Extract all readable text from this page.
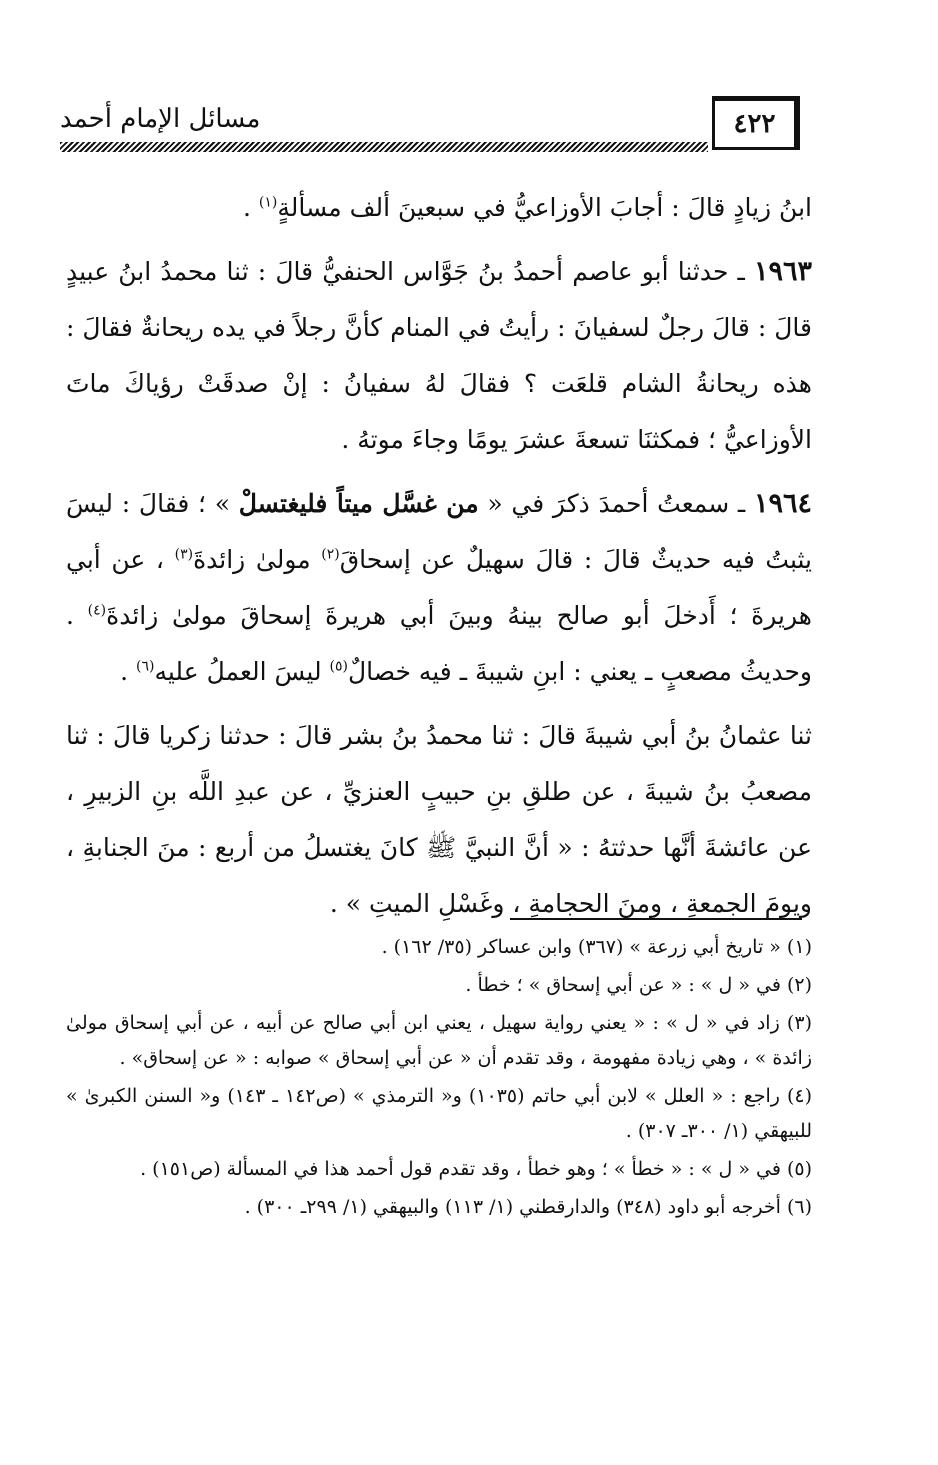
٤٢٢
مسائل الإمام أحمد

ابنُ زيادٍ قالَ : أجابَ الأوزاعيُّ في سبعينَ ألف مسألةٍ$^{(١)}$ .

١٩٦٣ ـ حدثنا أبو عاصم أحمدُ بنُ جَوَّاس الحنفيُّ قالَ : ثنا محمدُ ابنُ عبيدٍ قالَ : قالَ رجلٌ لسفيانَ : رأيتُ في المنام كأنَّ رجلاً في يده ريحانةٌ فقالَ : هذه ريحانةُ الشام قلعَت ؟ فقالَ لهُ سفيانُ : إنْ صدقَتْ رؤياكَ ماتَ الأوزاعيُّ ؛ فمكثنَا تسعةَ عشرَ يومًا وجاءَ موتهُ .

١٩٦٤ ـ سمعتُ أحمدَ ذكرَ في « من غسَّل ميتاً فليغتسلْ » ؛ فقالَ : ليسَ يثبتُ فيه حديثٌ قالَ : قالَ سهيلٌ عن إسحاقَ$^{(٢)}$ مولىٰ زائدةَ$^{(٣)}$ ، عن أبي هريرةَ ؛ أَدخلَ أبو صالح بينهُ وبينَ أبي هريرةَ إسحاقَ مولىٰ زائدةَ$^{(٤)}$ . وحديثُ مصعبٍ ـ يعني : ابنِ شيبةَ ـ فيه خصالٌ$^{(٥)}$ ليسَ العملُ عليه$^{(٦)}$ .

ثنا عثمانُ بنُ أبي شيبةَ قالَ : ثنا محمدُ بنُ بشر قالَ : حدثنا زكريا قالَ : ثنا مصعبُ بنُ شيبةَ ، عن طلقِ بنِ حبيبٍ العنزيِّ ، عن عبدِ اللَّه بنِ الزبيرِ ، عن عائشةَ أنَّها حدثتهُ : « أنَّ النبيَّ ﷺ كانَ يغتسلُ من أربع : منَ الجنابةِ ، ويومَ الجمعةِ ، ومنَ الحجامةِ ، وغَسْلِ الميتِ » .

(١) « تاريخ أبي زرعة » (٣٦٧) وابن عساكر (٣٥/ ١٦٢) .

(٢) في « ل » : « عن أبي إسحاق » ؛ خطأ .

(٣) زاد في « ل » : « يعني رواية سهيل ، يعني ابن أبي صالح عن أبيه ، عن أبي إسحاق مولىٰ زائدة » ، وهي زيادة مفهومة ، وقد تقدم أن « عن أبي إسحاق » صوابه : « عن إسحاق» .

(٤) راجع : « العلل » لابن أبي حاتم (١٠٣٥) و« الترمذي » (ص١٤٢ ـ ١٤٣) و« السنن الكبرىٰ » للبيهقي (١/ ٣٠٠ـ ٣٠٧) .

(٥) في « ل » : « خطأ » ؛ وهو خطأ ، وقد تقدم قول أحمد هذا في المسألة (ص١٥١) .

(٦) أخرجه أبو داود (٣٤٨) والدارقطني (١/ ١١٣) والبيهقي (١/ ٢٩٩ـ ٣٠٠) .
